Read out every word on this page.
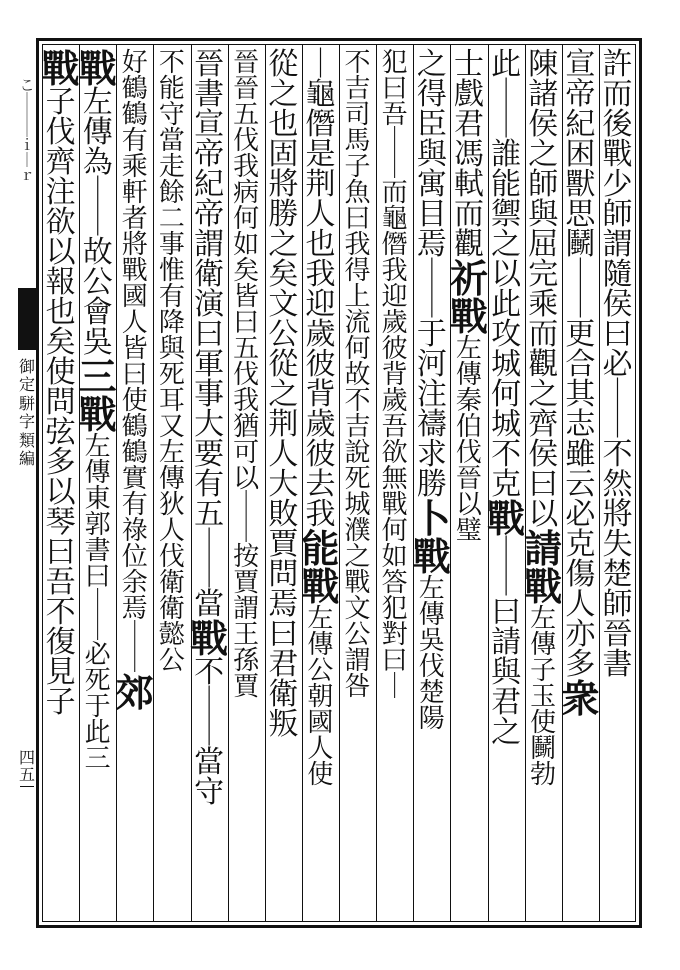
許
而
後
戰
少
師
謂
隨
侯
曰
必
｜
｜
不
然
將
失
楚
師
晉
書
宣
帝
紀
困
獸
思
鬭
｜
｜
更
合
其
志
雖
云
必
克
傷
人
亦
多
衆
陳
諸
侯
之
師
與
屈
完
乘
而
觀
之
齊
侯
曰
以
請
戰
左
傳
子
玉
使
鬭
勃
此
｜
｜
誰
能
禦
之
以
此
攻
城
何
城
不
克
戰
｜
｜
曰
請
與
君
之
士
戲
君
馮
軾
而
觀
祈
戰
左
傳
秦
伯
伐
晉
以
璧
之
得
臣
與
寓
目
焉
｜
｜
于
河
注
禱
求
勝
卜
戰
左
傳
吳
伐
楚
陽
犯
曰
吾
｜
｜
而
龜
僭
我
迎
歲
彼
背
歲
吾
欲
無
戰
何
如
答
犯
對
曰
｜
不
吉
司
馬
子
魚
曰
我
得
上
流
何
故
不
吉
說
死
城
濮
之
戰
文
公
謂
咎
｜
龜
僭
是
荆
人
也
我
迎
歲
彼
背
歲
彼
去
我
能
戰
左
傳
公
朝
國
人
使
從
之
也
固
將
勝
之
矣
文
公
從
之
荆
人
大
敗
賈
問
焉
曰
君
衛
叛
晉
晉
五
伐
我
病
何
如
矣
皆
曰
五
伐
我
猶
可
以
｜
｜
按
賈
謂
王
孫
賈
晉
書
宣
帝
紀
帝
謂
衛
演
曰
軍
事
大
要
有
五
｜
｜
當
戰
不
｜
｜
當
守
不
能
守
當
走
餘
二
事
惟
有
降
與
死
耳
又
左
傳
狄
人
伐
衛
衛
懿
公
好
鶴
鶴
有
乘
軒
者
將
戰
國
人
皆
曰
使
鶴
鶴
實
有
祿
位
余
焉
｜
｜
郊
戰
左
傳
為
｜
｜
故
公
會
吳
三
戰
左
傳
東
郭
書
曰
｜
｜
必
死
于
此
三
戰
子
伐
齊
注
欲
以
報
也
矣
使
問
弦
多
以
琴
曰
吾
不
復
見
子
こ
｜
｜
｜
ｉ
｜
ｒ
御
定
駢
字
類
編
四
五
